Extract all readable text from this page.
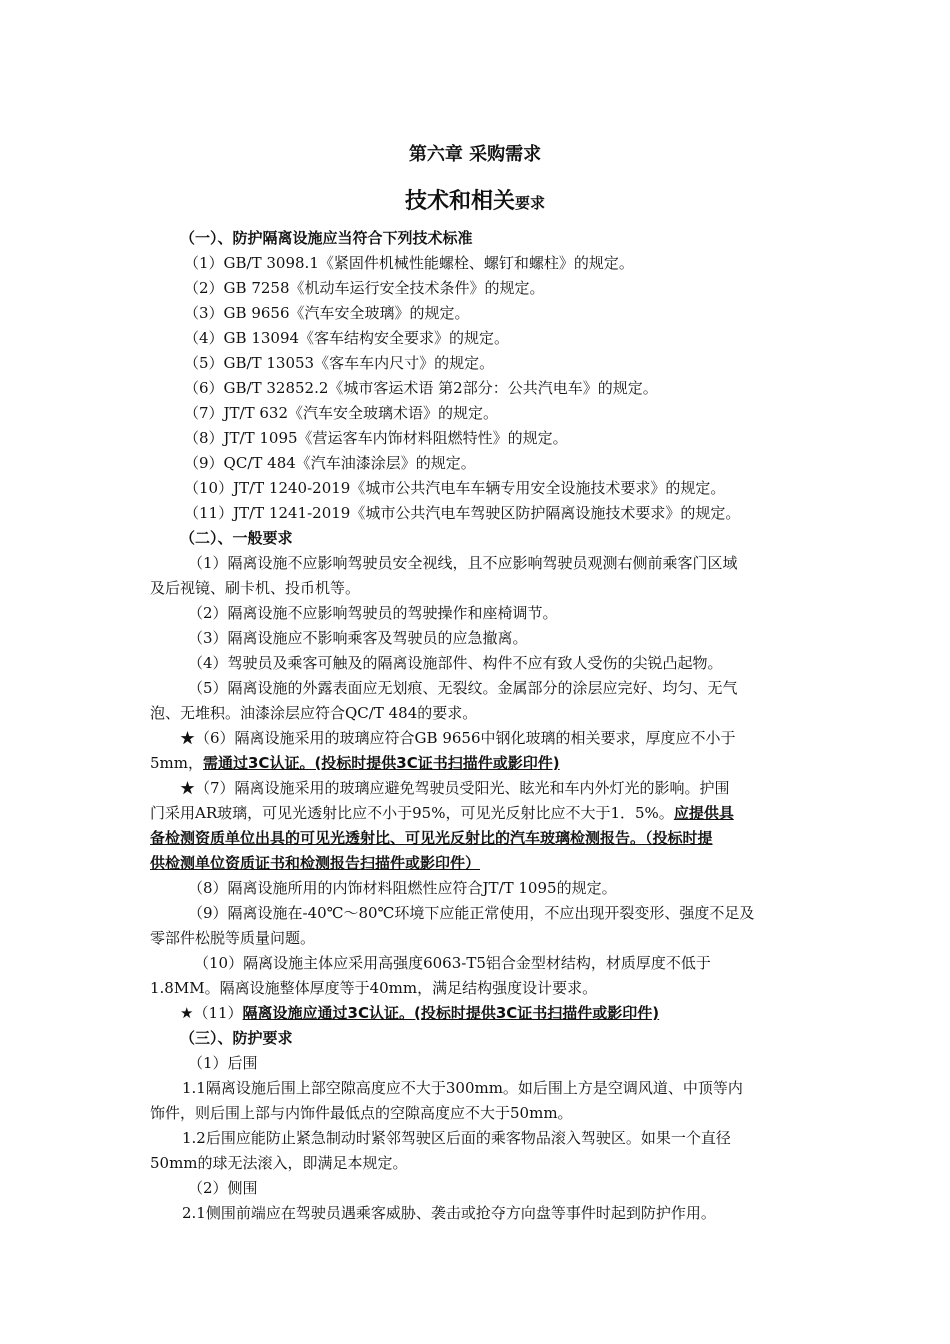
第六章 采购需求
技术和相关要求
（一）、防护隔离设施应当符合下列技术标准
（1）GB/T 3098.1《紧固件机械性能螺栓、螺钉和螺柱》的规定。
（2）GB 7258《机动车运行安全技术条件》的规定。
（3）GB 9656《汽车安全玻璃》的规定。
（4）GB 13094《客车结构安全要求》的规定。
（5）GB/T 13053《客车车内尺寸》的规定。
（6）GB/T 32852.2《城市客运术语 第2部分：公共汽电车》的规定。
（7）JT/T 632《汽车安全玻璃术语》的规定。
（8）JT/T 1095《营运客车内饰材料阻燃特性》的规定。
（9）QC/T 484《汽车油漆涂层》的规定。
（10）JT/T 1240-2019《城市公共汽电车车辆专用安全设施技术要求》的规定。
（11）JT/T 1241-2019《城市公共汽电车驾驶区防护隔离设施技术要求》的规定。
（二）、一般要求
（1）隔离设施不应影响驾驶员安全视线，且不应影响驾驶员观测右侧前乘客门区域
及后视镜、刷卡机、投币机等。
（2）隔离设施不应影响驾驶员的驾驶操作和座椅调节。
（3）隔离设施应不影响乘客及驾驶员的应急撤离。
（4）驾驶员及乘客可触及的隔离设施部件、构件不应有致人受伤的尖锐凸起物。
（5）隔离设施的外露表面应无划痕、无裂纹。金属部分的涂层应完好、均匀、无气
泡、无堆积。油漆涂层应符合QC/T 484的要求。
★（6）隔离设施采用的玻璃应符合GB 9656中钢化玻璃的相关要求，厚度应不小于
5mm，需通过3C认证。(投标时提供3C证书扫描件或影印件)
★（7）隔离设施采用的玻璃应避免驾驶员受阳光、眩光和车内外灯光的影响。护围
门采用AR玻璃，可见光透射比应不小于95%，可见光反射比应不大于1．5%。应提供具
备检测资质单位出具的可见光透射比、可见光反射比的汽车玻璃检测报告。（投标时提
供检测单位资质证书和检测报告扫描件或影印件）
（8）隔离设施所用的内饰材料阻燃性应符合JT/T 1095的规定。
（9）隔离设施在-40℃～80℃环境下应能正常使用，不应出现开裂变形、强度不足及
零部件松脱等质量问题。
（10）隔离设施主体应采用高强度6063-T5铝合金型材结构，材质厚度不低于
1.8MM。隔离设施整体厚度等于40mm，满足结构强度设计要求。
★（11）隔离设施应通过3C认证。(投标时提供3C证书扫描件或影印件)
（三）、防护要求
（1）后围
1.1隔离设施后围上部空隙高度应不大于300mm。如后围上方是空调风道、中顶等内
饰件，则后围上部与内饰件最低点的空隙高度应不大于50mm。
1.2后围应能防止紧急制动时紧邻驾驶区后面的乘客物品滚入驾驶区。如果一个直径
50mm的球无法滚入，即满足本规定。
（2）侧围
2.1侧围前端应在驾驶员遇乘客威胁、袭击或抢夺方向盘等事件时起到防护作用。
